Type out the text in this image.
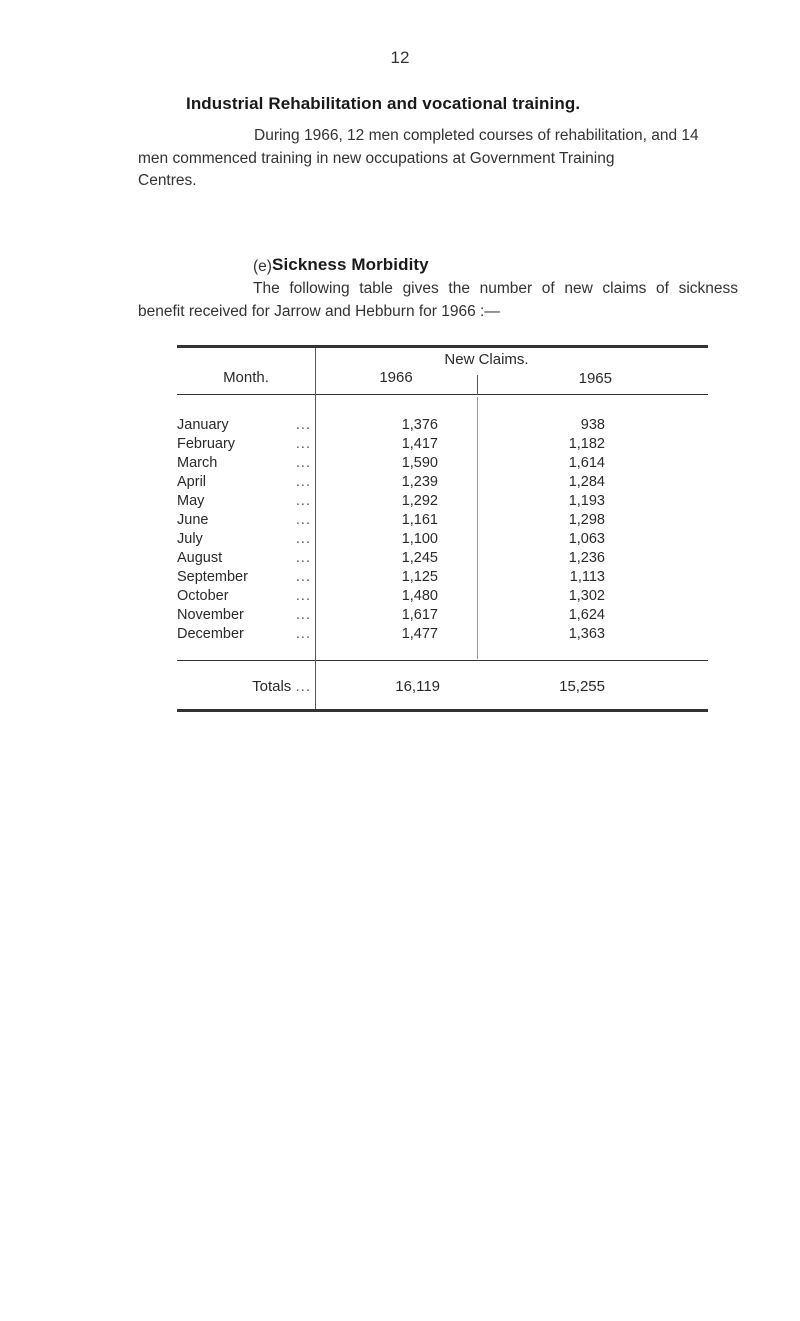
12
Industrial Rehabilitation and vocational training.
During 1966, 12 men completed courses of rehabilitation, and 14
men commenced training in new occupations at Government Training
Centres.
(e) Sickness Morbidity
The following table gives the number of new claims of sickness
benefit received for Jarrow and Hebburn for 1966 :—
Month.
New Claims.
1966	1965
January	...	1,376	938
February	...	1,417	1,182
March	...	1,590	1,614
April	...	1,239	1,284
May	...	1,292	1,193
June	...	1,161	1,298
July	...	1,100	1,063
August	...	1,245	1,236
September	...	1,125	1,113
October	...	1,480	1,302
November	...	1,617	1,624
December	...	1,477	1,363
Totals ...	16,119	15,255
